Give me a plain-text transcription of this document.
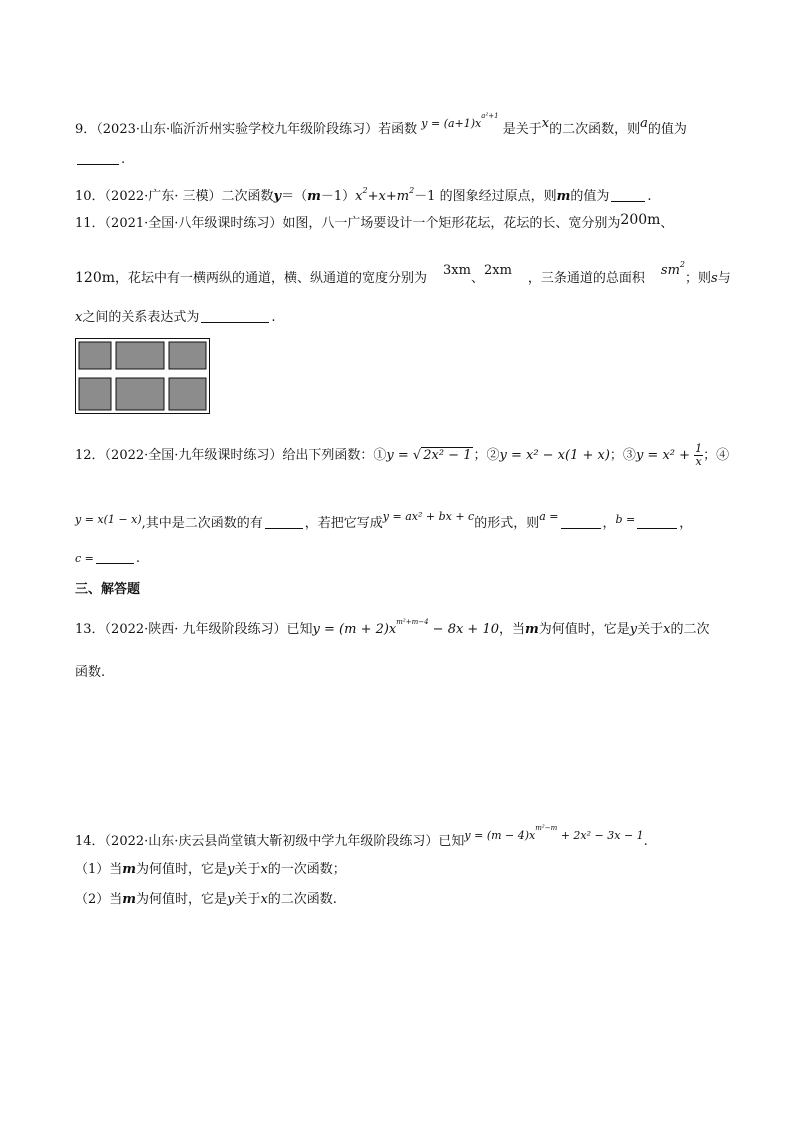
9．（2023·山东·临沂沂州实验学校九年级阶段练习）若函数 $^{y = (a+1)x^{a^2+1}}$ 是关于x的二次函数，则a的值为
.
10．（2022·广东· 三模）二次函数$y=(m-1)x^2+x+m^2-1$ 的图象经过原点，则m的值为	.
11．（2021·全国·八年级课时练习）如图，八一广场要设计一个矩形花坛，花坛的长、宽分别为200m、
120m，花坛中有一横两纵的通道，横、纵通道的宽度分别为3xm、2xm，三条通道的总面积$sm^2$；则s与
x之间的关系表达式为	.
12．（2022·全国·九年级课时练习）给出下列函数：①y = √ 2x² − 1 ；②y = x² − x(1 + x)；③y = $x^2 + \frac{1}{x}$ ；④
$^{y = x(1 - x)}$,其中是二次函数的有	，若把它写成$^{y = ax^2 + bx + c}$的形式，则$^{a =}$	，$^{b =}$	，
c =	.
三、解答题
13．（2022·陕西· 九年级阶段练习）已知$y = (m + 2)x^{m^2+m-4} - 8x + 10$，当m为何值时，它是y关于x的二次
函数.
14．（2022·山东·庆云县尚堂镇大靳初级中学九年级阶段练习）已知$^{y = (m - 4)x^{m^2-m} + 2x^2 - 3x - 1}$.
（1）当m为何值时，它是y关于x的一次函数；
（2）当m为何值时，它是y关于x的二次函数.
